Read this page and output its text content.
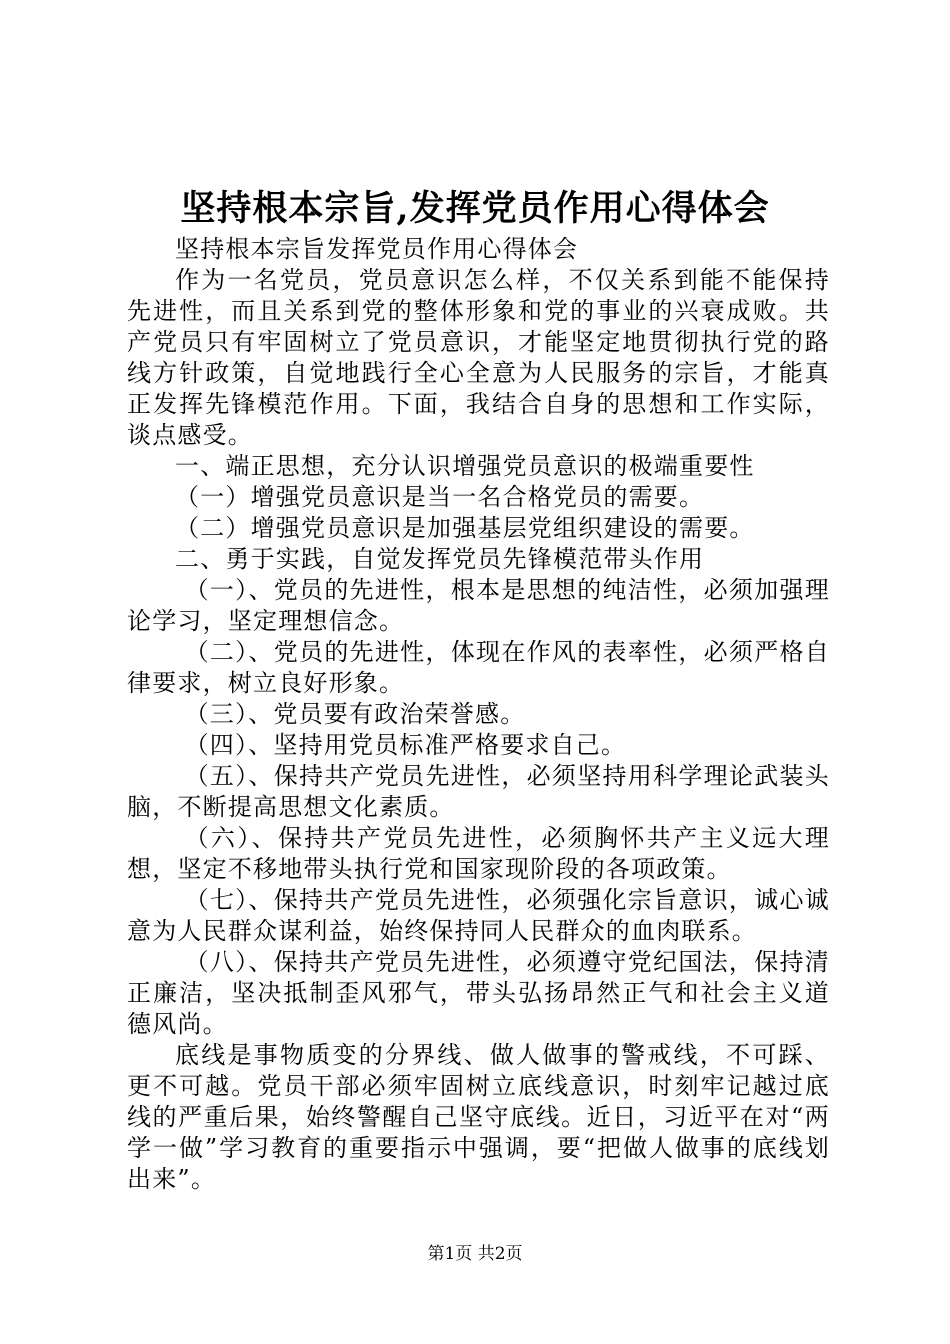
坚持根本宗旨,发挥党员作用心得体会

坚持根本宗旨发挥党员作用心得体会

作为一名党员，党员意识怎么样，不仅关系到能不能保持先进性，而且关系到党的整体形象和党的事业的兴衰成败。共产党员只有牢固树立了党员意识，才能坚定地贯彻执行党的路线方针政策，自觉地践行全心全意为人民服务的宗旨，才能真正发挥先锋模范作用。下面，我结合自身的思想和工作实际，谈点感受。

一、端正思想，充分认识增强党员意识的极端重要性

（一）增强党员意识是当一名合格党员的需要。

（二）增强党员意识是加强基层党组织建设的需要。

二、勇于实践，自觉发挥党员先锋模范带头作用

（一）、党员的先进性，根本是思想的纯洁性，必须加强理论学习，坚定理想信念。

（二）、党员的先进性，体现在作风的表率性，必须严格自律要求，树立良好形象。

（三）、党员要有政治荣誉感。

（四）、坚持用党员标准严格要求自己。

（五）、保持共产党员先进性，必须坚持用科学理论武装头脑，不断提高思想文化素质。

（六）、保持共产党员先进性，必须胸怀共产主义远大理想，坚定不移地带头执行党和国家现阶段的各项政策。

（七）、保持共产党员先进性，必须强化宗旨意识，诚心诚意为人民群众谋利益，始终保持同人民群众的血肉联系。

（八）、保持共产党员先进性，必须遵守党纪国法，保持清正廉洁，坚决抵制歪风邪气，带头弘扬昂然正气和社会主义道德风尚。

底线是事物质变的分界线、做人做事的警戒线，不可踩、更不可越。党员干部必须牢固树立底线意识，时刻牢记越过底线的严重后果，始终警醒自己坚守底线。近日，习近平在对“两学一做”学习教育的重要指示中强调，要“把做人做事的底线划出来”。

第1页 共2页
